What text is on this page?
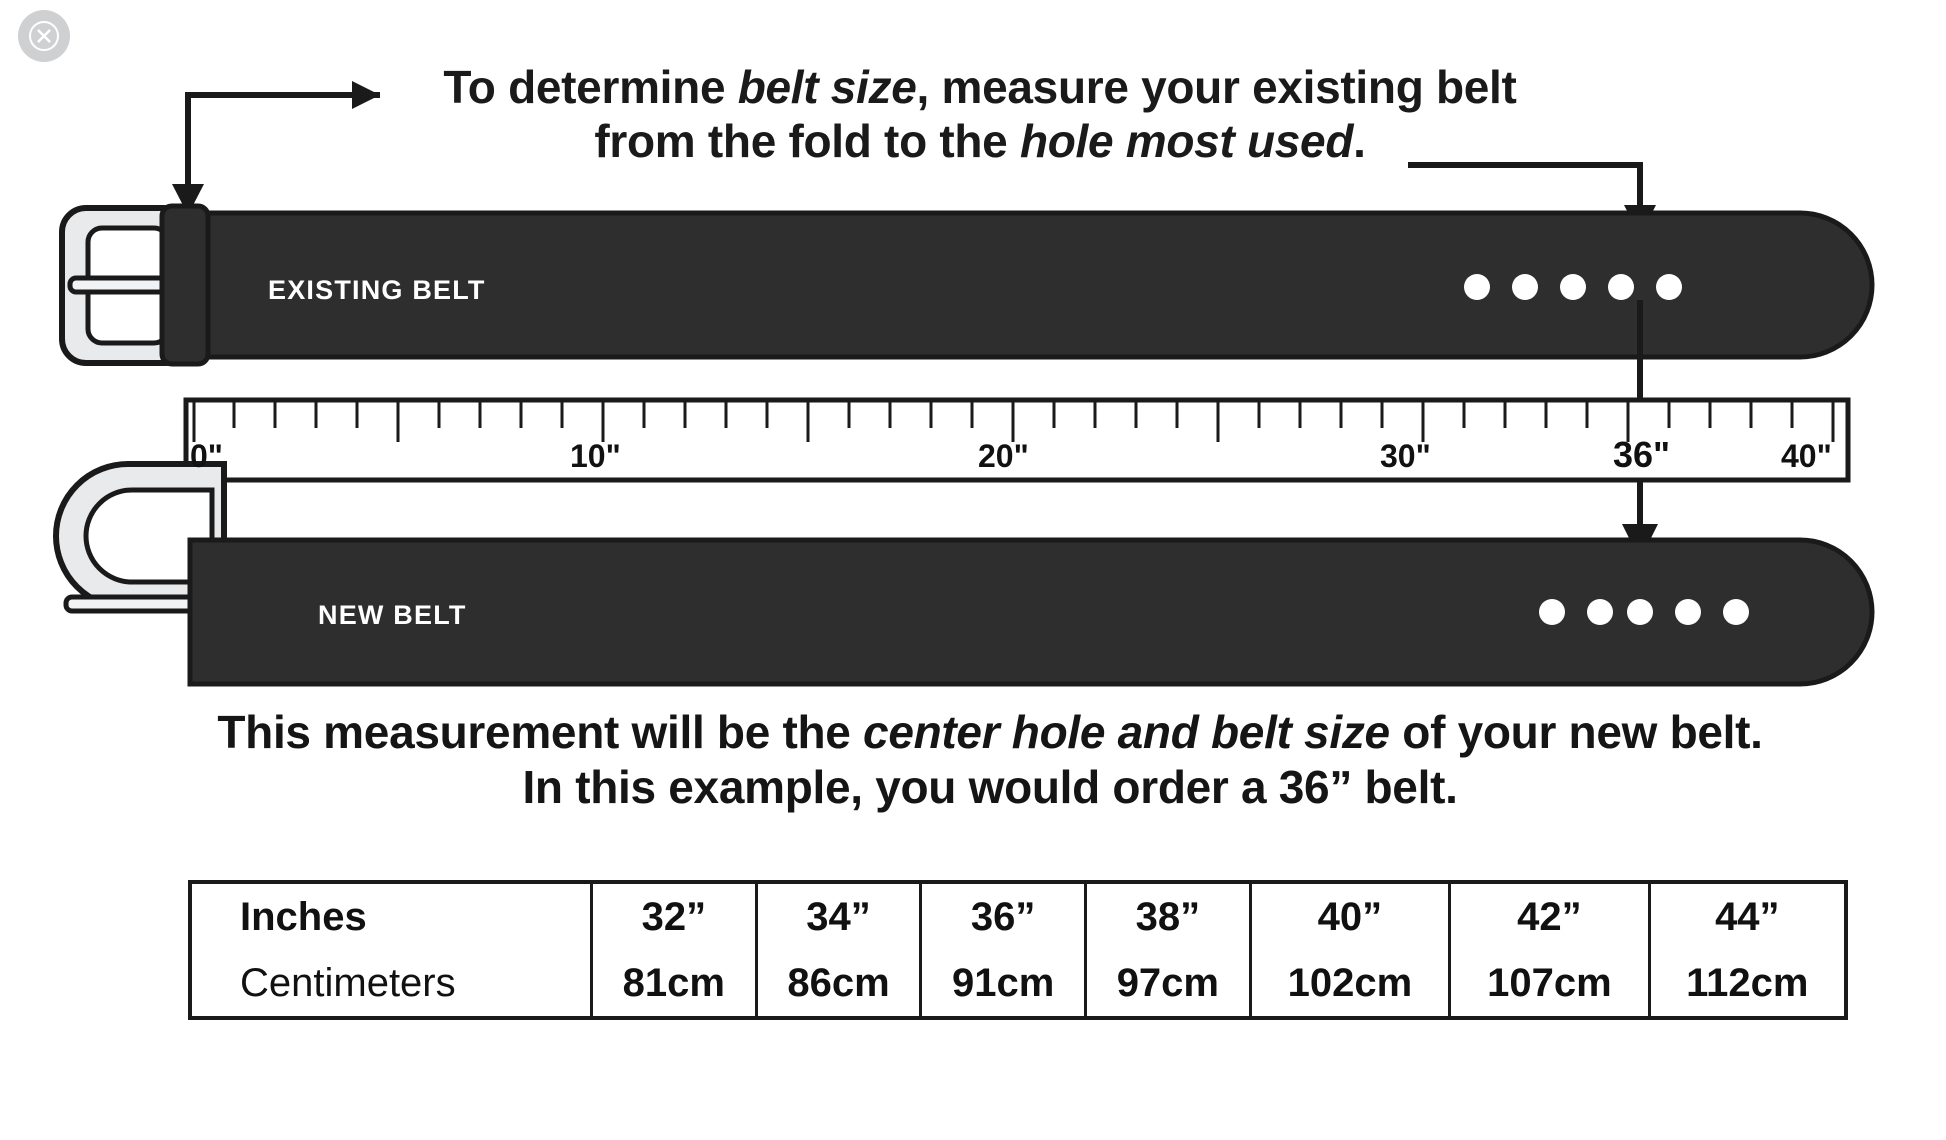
To determine belt size, measure your existing belt
from the fold to the hole most used.
EXISTING BELT
NEW BELT
0"	10"	20"	30"	36"	40"
This measurement will be the center hole and belt size of your new belt.
In this example, you would order a 36” belt.
Inches	32”	34”	36”	38”	40”	42”	44”
Centimeters	81cm	86cm	91cm	97cm	102cm	107cm	112cm
